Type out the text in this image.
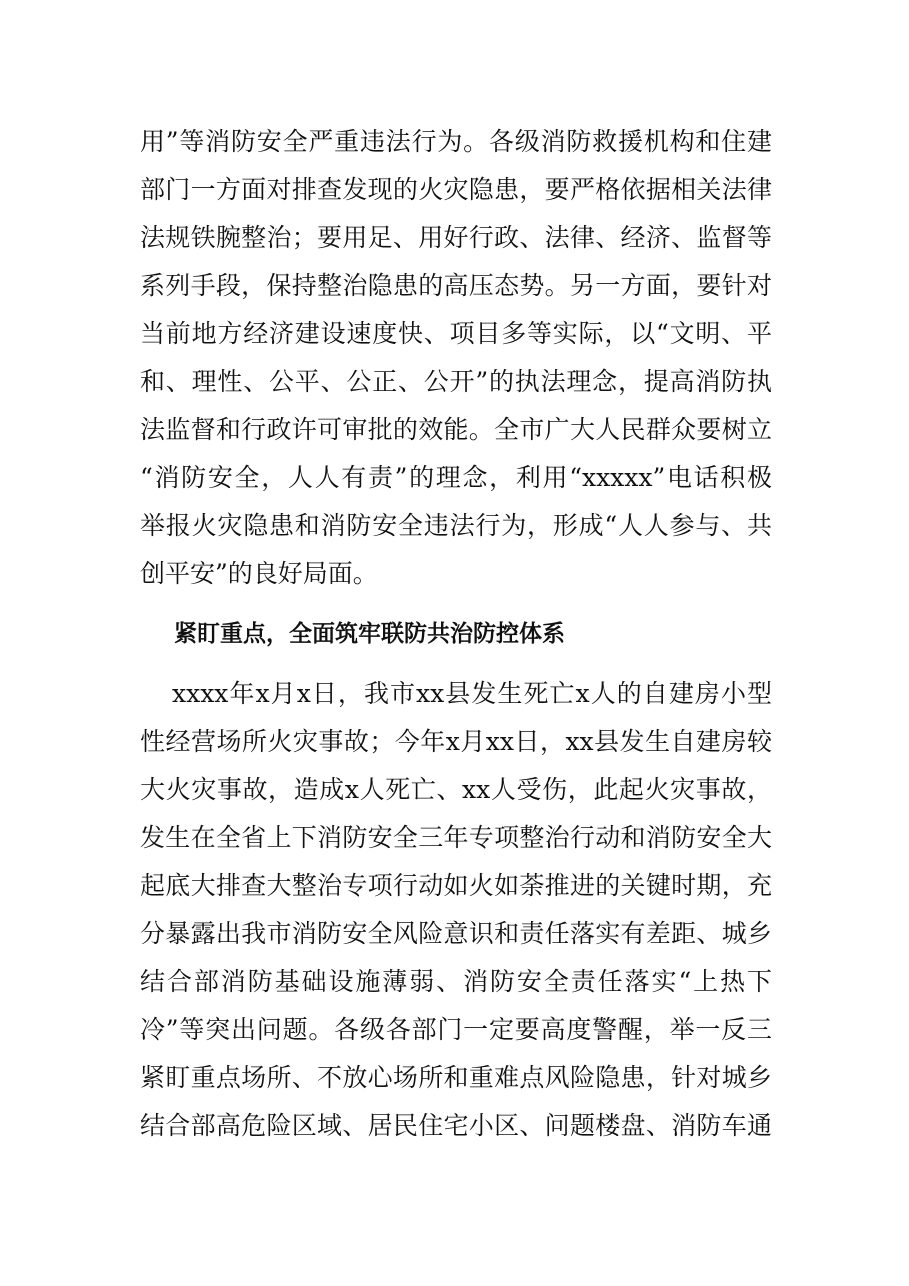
用”等消防安全严重违法行为。各级消防救援机构和住建
部门一方面对排查发现的火灾隐患，要严格依据相关法律
法规铁腕整治；要用足、用好行政、法律、经济、监督等
系列手段，保持整治隐患的高压态势。另一方面，要针对
当前地方经济建设速度快、项目多等实际，以“文明、平
和、理性、公平、公正、公开”的执法理念，提高消防执
法监督和行政许可审批的效能。全市广大人民群众要树立
“消防安全，人人有责”的理念，利用“xxxxx”电话积极
举报火灾隐患和消防安全违法行为，形成“人人参与、共
创平安”的良好局面。
紧盯重点，全面筑牢联防共治防控体系
xxxx年x月x日，我市xx县发生死亡x人的自建房小型
性经营场所火灾事故；今年x月xx日，xx县发生自建房较
大火灾事故，造成x人死亡、xx人受伤，此起火灾事故，
发生在全省上下消防安全三年专项整治行动和消防安全大
起底大排查大整治专项行动如火如荼推进的关键时期，充
分暴露出我市消防安全风险意识和责任落实有差距、城乡
结合部消防基础设施薄弱、消防安全责任落实“上热下
冷”等突出问题。各级各部门一定要高度警醒，举一反三
紧盯重点场所、不放心场所和重难点风险隐患，针对城乡
结合部高危险区域、居民住宅小区、问题楼盘、消防车通
